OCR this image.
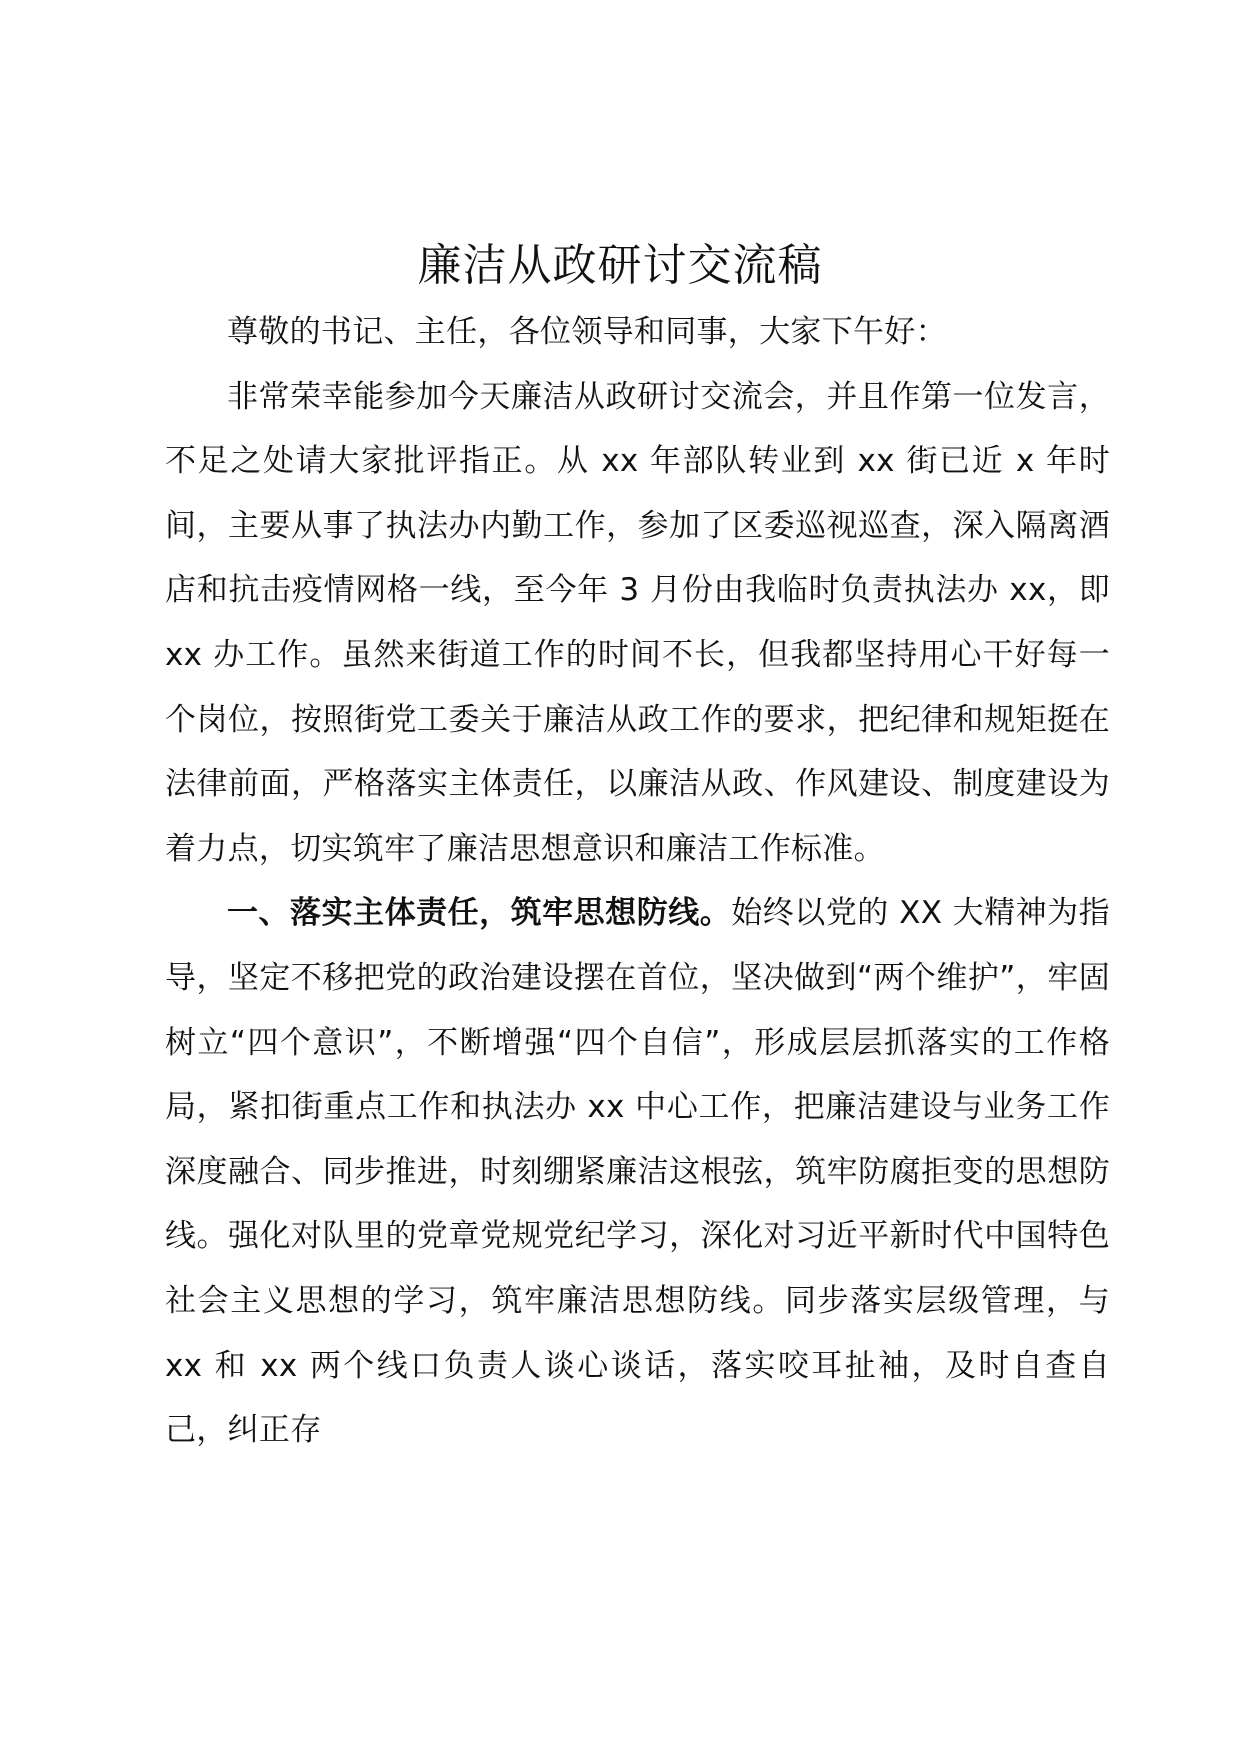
廉洁从政研讨交流稿

尊敬的书记、主任，各位领导和同事，大家下午好：

非常荣幸能参加今天廉洁从政研讨交流会，并且作第一位发言，不足之处请大家批评指正。从 xx 年部队转业到 xx 街已近 x 年时间，主要从事了执法办内勤工作，参加了区委巡视巡查，深入隔离酒店和抗击疫情网格一线，至今年 3 月份由我临时负责执法办 xx，即 xx 办工作。虽然来街道工作的时间不长，但我都坚持用心干好每一个岗位，按照街党工委关于廉洁从政工作的要求，把纪律和规矩挺在法律前面，严格落实主体责任，以廉洁从政、作风建设、制度建设为着力点，切实筑牢了廉洁思想意识和廉洁工作标准。

一、落实主体责任，筑牢思想防线。始终以党的 XX 大精神为指导，坚定不移把党的政治建设摆在首位，坚决做到“两个维护”，牢固树立“四个意识”，不断增强“四个自信”，形成层层抓落实的工作格局，紧扣街重点工作和执法办 xx 中心工作，把廉洁建设与业务工作深度融合、同步推进，时刻绷紧廉洁这根弦，筑牢防腐拒变的思想防线。强化对队里的党章党规党纪学习，深化对习近平新时代中国特色社会主义思想的学习，筑牢廉洁思想防线。同步落实层级管理，与 xx 和 xx 两个线口负责人谈心谈话，落实咬耳扯袖，及时自查自己，纠正存
